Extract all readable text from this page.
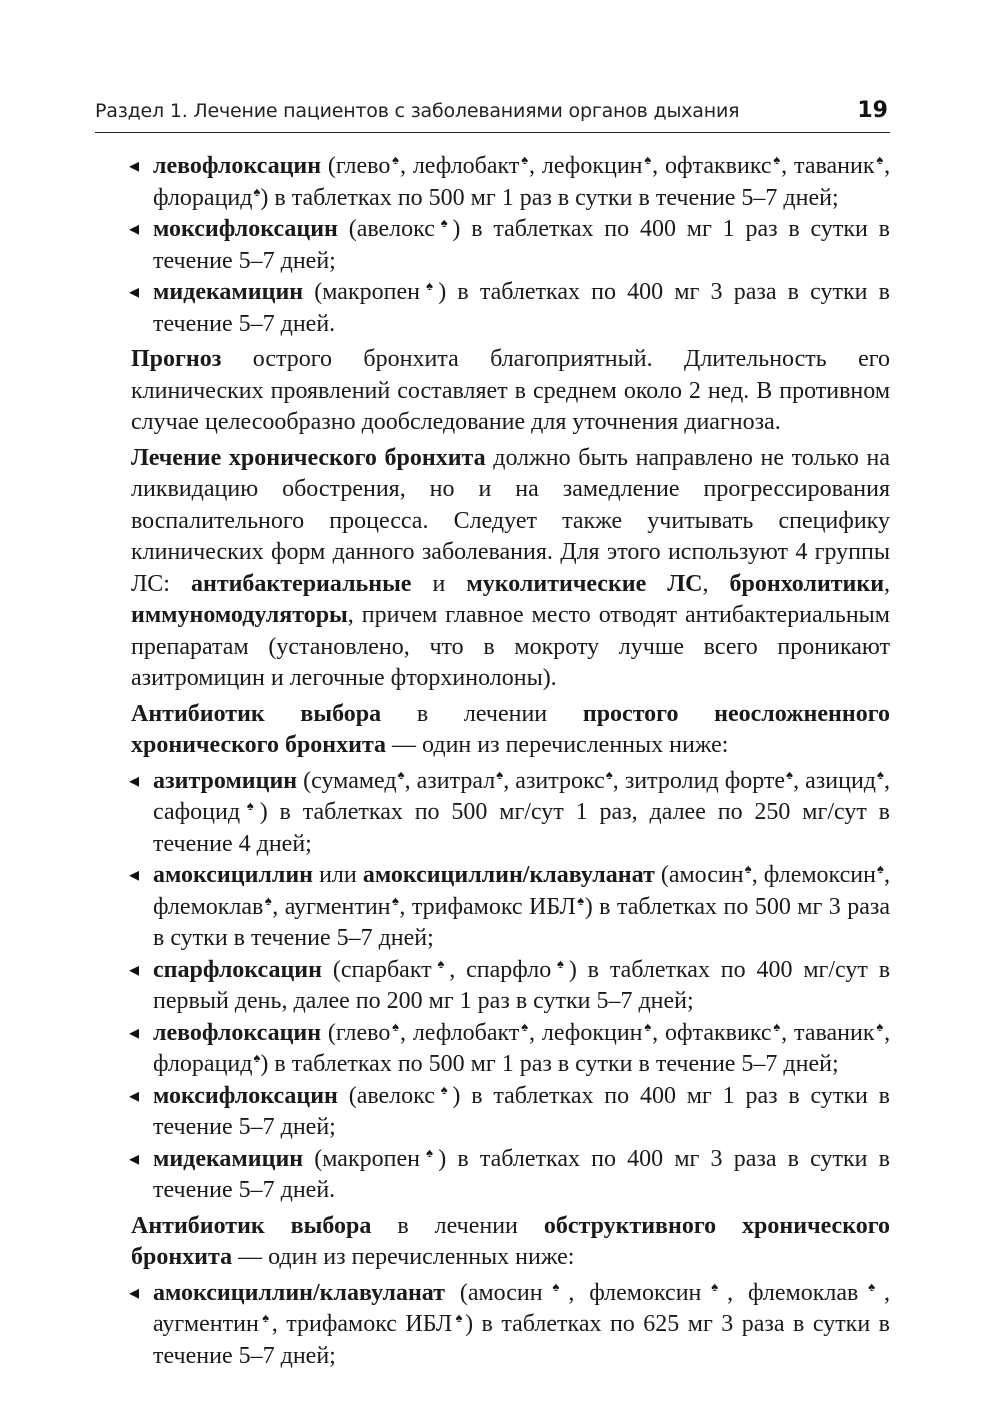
Раздел 1. Лечение пациентов с заболеваниями органов дыхания	19
◂ левофлоксацин (глево♠, лефлобакт♠, лефокцин♠, офтаквикс♠, таваник♠, флорацид♠) в таблетках по 500 мг 1 раз в сутки в течение 5–7 дней;
◂ моксифлоксацин (авелокс♠) в таблетках по 400 мг 1 раз в сутки в течение 5–7 дней;
◂ мидекамицин (макропен♠) в таблетках по 400 мг 3 раза в сутки в течение 5–7 дней.

Прогноз острого бронхита благоприятный. Длительность его клинических проявлений составляет в среднем около 2 нед. В противном случае целесообразно дообследование для уточнения диагноза.

Лечение хронического бронхита должно быть направлено не только на ликвидацию обострения, но и на замедление прогрессирования воспалительного процесса. Следует также учитывать специфику клинических форм данного заболевания. Для этого используют 4 группы ЛС: антибактериальные и муколитические ЛС, бронхолитики, иммуномодуляторы, причем главное место отводят антибактериальным препаратам (установлено, что в мокроту лучше всего проникают азитромицин и легочные фторхинолоны).

Антибиотик выбора в лечении простого неосложненного хронического бронхита — один из перечисленных ниже:

◂ азитромицин (сумамед♠, азитрал♠, азитрокс♠, зитролид форте♠, азицид♠, сафоцид♠) в таблетках по 500 мг/сут 1 раз, далее по 250 мг/сут в течение 4 дней;
◂ амоксициллин или амоксициллин/клавуланат (амосин♠, флемоксин♠, флемоклав♠, аугментин♠, трифамокс ИБЛ♠) в таблетках по 500 мг 3 раза в сутки в течение 5–7 дней;
◂ спарфлоксацин (спарбакт♠, спарфло♠) в таблетках по 400 мг/сут в первый день, далее по 200 мг 1 раз в сутки 5–7 дней;
◂ левофлоксацин (глево♠, лефлобакт♠, лефокцин♠, офтаквикс♠, таваник♠, флорацид♠) в таблетках по 500 мг 1 раз в сутки в течение 5–7 дней;
◂ моксифлоксацин (авелокс♠) в таблетках по 400 мг 1 раз в сутки в течение 5–7 дней;
◂ мидекамицин (макропен♠) в таблетках по 400 мг 3 раза в сутки в течение 5–7 дней.

Антибиотик выбора в лечении обструктивного хронического бронхита — один из перечисленных ниже:

◂ амоксициллин/клавуланат (амосин♠, флемоксин♠, флемоклав♠, аугментин♠, трифамокс ИБЛ♠) в таблетках по 625 мг 3 раза в сутки в течение 5–7 дней;
